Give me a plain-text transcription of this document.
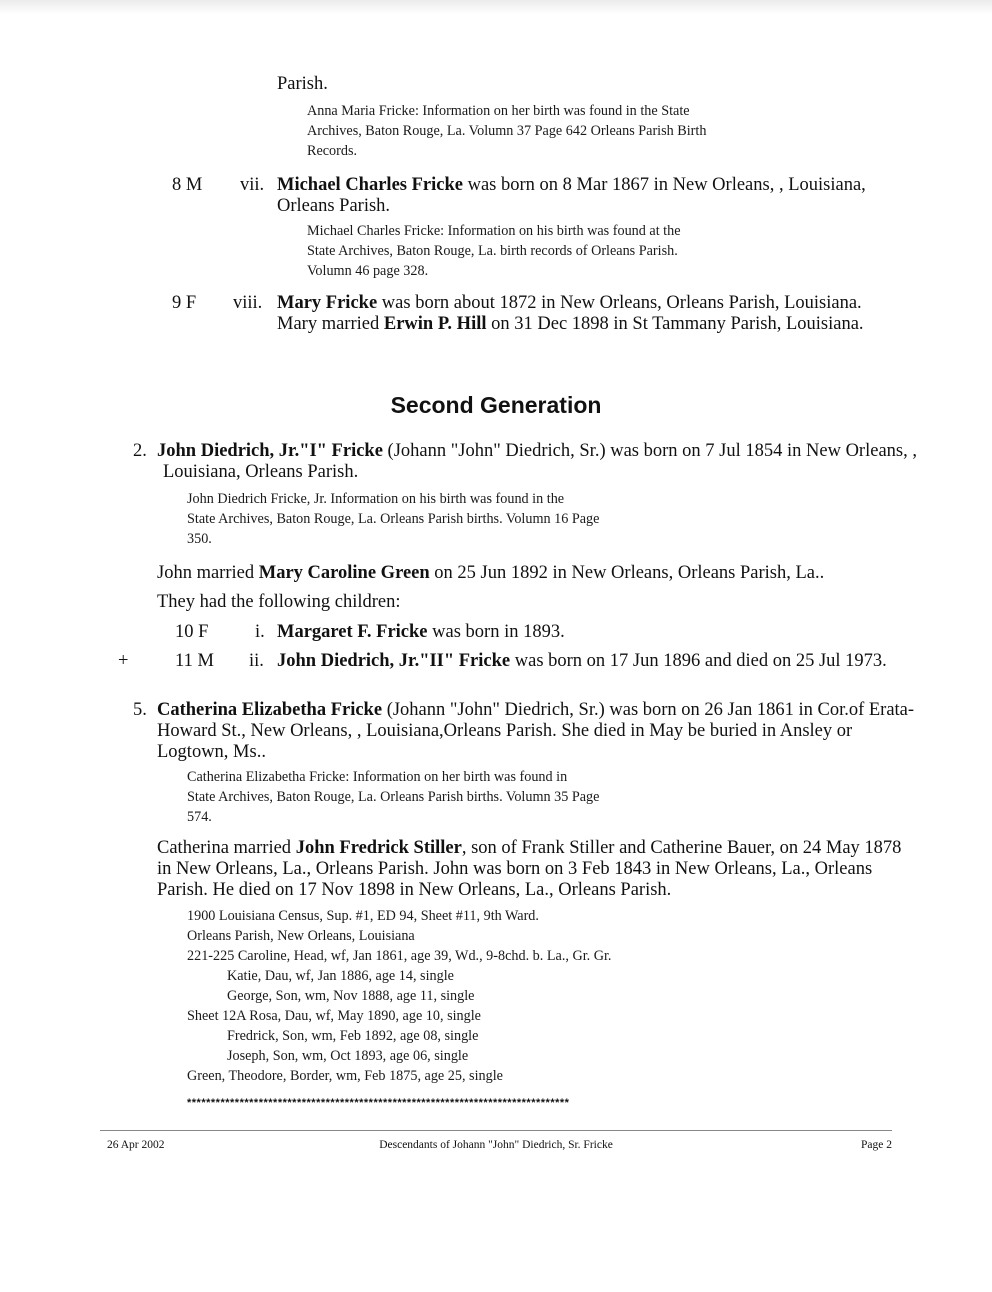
Parish.
Anna Maria Fricke: Information on her birth was found in the State
Archives, Baton Rouge, La. Volumn 37 Page 642 Orleans Parish Birth
Records.
8 M vii. Michael Charles Fricke was born on 8 Mar 1867 in New Orleans, , Louisiana,
Orleans Parish.
Michael Charles Fricke: Information on his birth was found at the
State Archives, Baton Rouge, La. birth records of Orleans Parish.
Volumn 46 page 328.
9 F viii. Mary Fricke was born about 1872 in New Orleans, Orleans Parish, Louisiana.
Mary married Erwin P. Hill on 31 Dec 1898 in St Tammany Parish, Louisiana.
Second Generation
2. John Diedrich, Jr."I" Fricke (Johann "John" Diedrich, Sr.) was born on 7 Jul 1854 in New Orleans, ,
Louisiana, Orleans Parish.
John Diedrich Fricke, Jr. Information on his birth was found in the
State Archives, Baton Rouge, La. Orleans Parish births. Volumn 16 Page
350.
John married Mary Caroline Green on 25 Jun 1892 in New Orleans, Orleans Parish, La..
They had the following children:
10 F	i. Margaret F. Fricke was born in 1893.
+	11 M ii. John Diedrich, Jr."II" Fricke was born on 17 Jun 1896 and died on 25 Jul 1973.
5. Catherina Elizabetha Fricke (Johann "John" Diedrich, Sr.) was born on 26 Jan 1861 in Cor.of Erata-
Howard St., New Orleans, , Louisiana,Orleans Parish. She died in May be buried in Ansley or
Logtown, Ms..
Catherina Elizabetha Fricke: Information on her birth was found in
State Archives, Baton Rouge, La. Orleans Parish births. Volumn 35 Page
574.
Catherina married John Fredrick Stiller, son of Frank Stiller and Catherine Bauer, on 24 May 1878
in New Orleans, La., Orleans Parish. John was born on 3 Feb 1843 in New Orleans, La., Orleans
Parish. He died on 17 Nov 1898 in New Orleans, La., Orleans Parish.
1900 Louisiana Census, Sup. #1, ED 94, Sheet #11, 9th Ward.
Orleans Parish, New Orleans, Louisiana
221-225 Caroline, Head, wf, Jan 1861, age 39, Wd., 9-8chd. b. La., Gr. Gr.
Katie, Dau, wf, Jan 1886, age 14, single
George, Son, wm, Nov 1888, age 11, single
Sheet 12A Rosa, Dau, wf, May 1890, age 10, single
Fredrick, Son, wm, Feb 1892, age 08, single
Joseph, Son, wm, Oct 1893, age 06, single
Green, Theodore, Border, wm, Feb 1875, age 25, single
********************************************************************************
26 Apr 2002	Descendants of Johann "John" Diedrich, Sr. Fricke	Page 2
